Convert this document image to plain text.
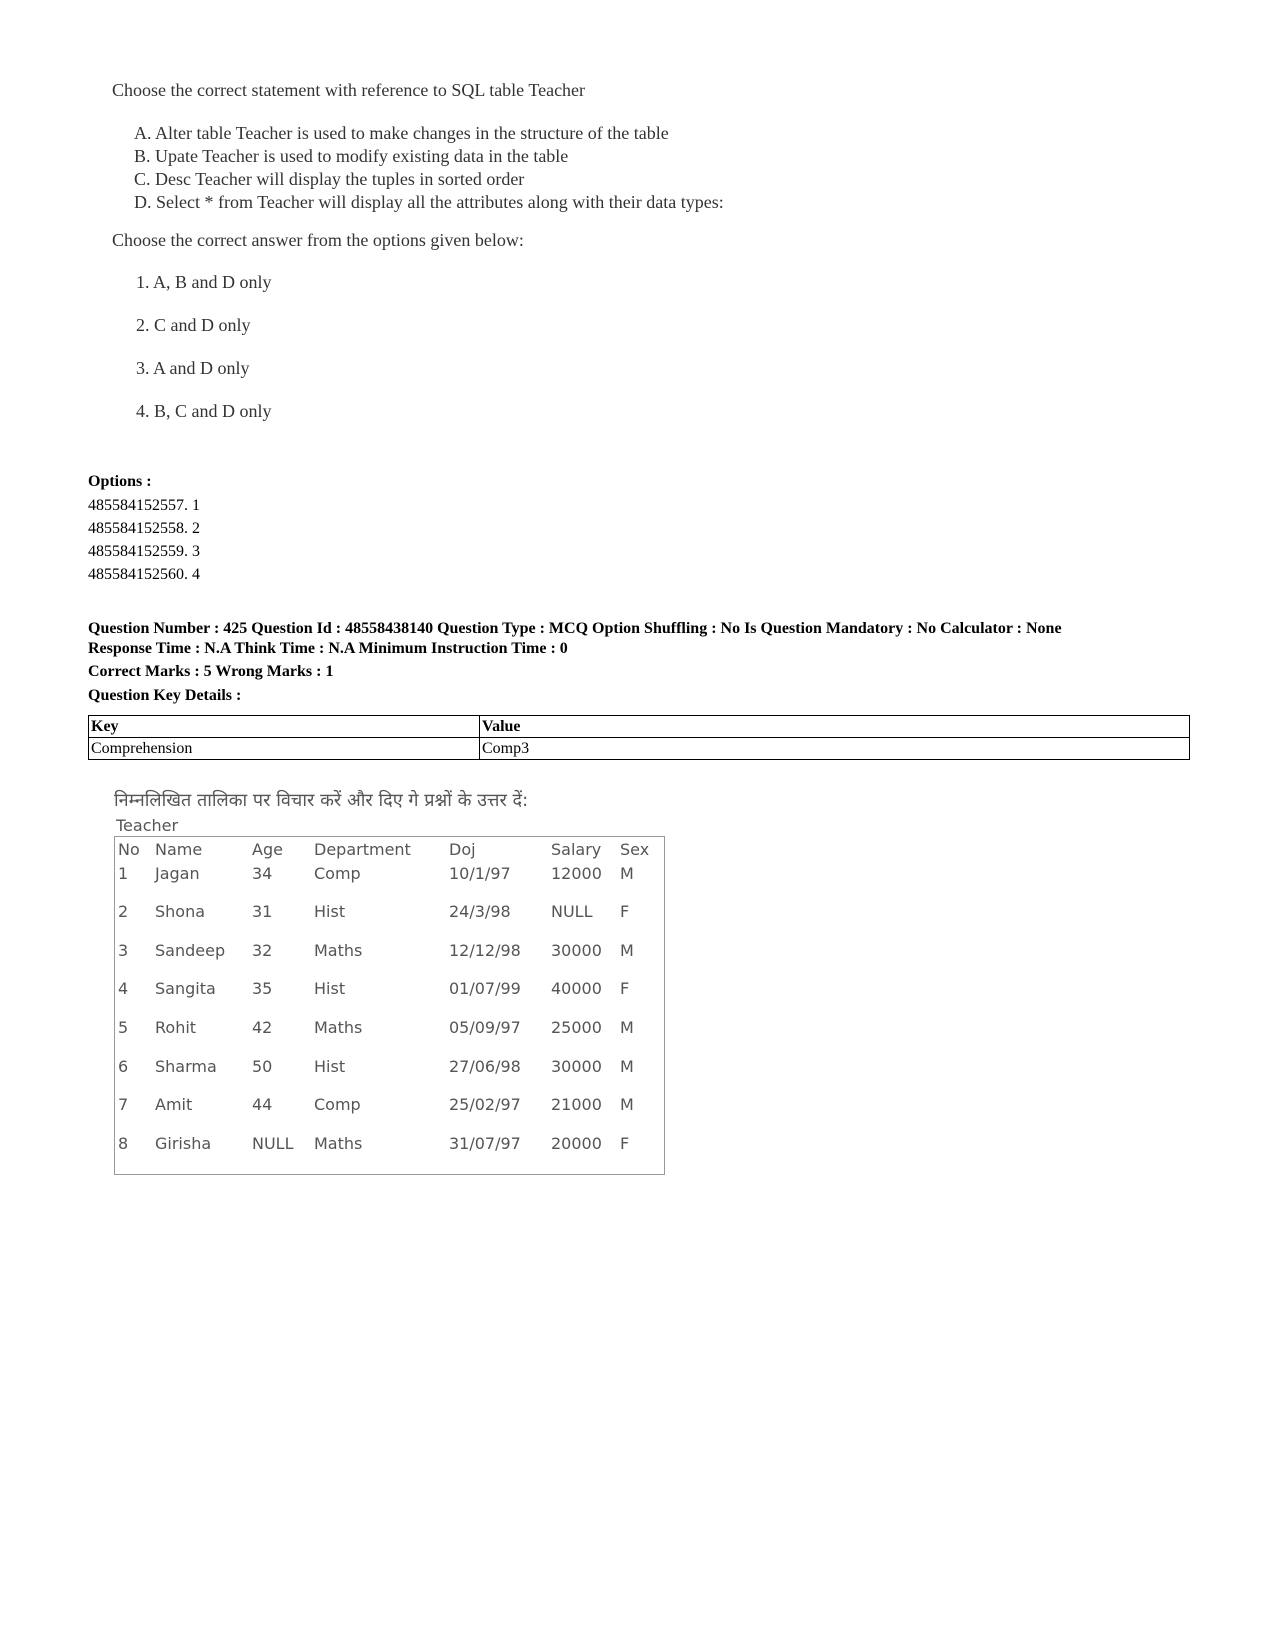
Choose the correct statement with reference to SQL table Teacher
A. Alter table Teacher is used to make changes in the structure of the table
B. Upate Teacher is used to modify existing data in the table
C. Desc Teacher will display the tuples in sorted order
D. Select * from Teacher will display all the attributes along with their data types:
Choose the correct answer from the options given below:
1. A, B and D only
2. C and D only
3. A and D only
4. B, C and D only
Options :
485584152557. 1
485584152558. 2
485584152559. 3
485584152560. 4
Question Number : 425 Question Id : 48558438140 Question Type : MCQ Option Shuffling : No Is Question Mandatory : No Calculator : None
Response Time : N.A Think Time : N.A Minimum Instruction Time : 0
Correct Marks : 5 Wrong Marks : 1
Question Key Details :
Key	Value
Comprehension	Comp3
निम्नलिखित तालिका पर विचार करें और दिए गे प्रश्नों के उत्तर दें:
Teacher
No Name	Age Department Doj	Salary Sex
1 Jagan	34	Comp	10/1/97	12000 M
2 Shona	31	Hist	24/3/98	NULL F
3 Sandeep 32	Maths	12/12/98 30000 M
4 Sangita 35	Hist	01/07/99 40000 F
5 Rohit	42	Maths	05/09/97 25000 M
6 Sharma 50	Hist	27/06/98 30000 M
7 Amit	44	Comp	25/02/97 21000 M
8 Girisha	NULL Maths	31/07/97 20000 F
